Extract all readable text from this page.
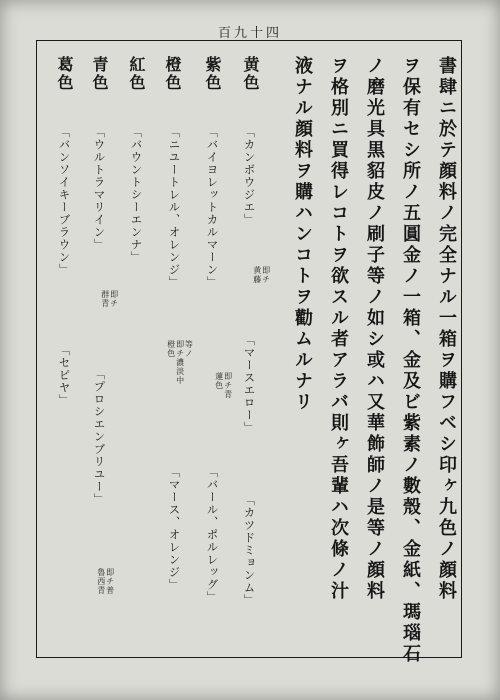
百九十四
書肆ニ於テ顔料ノ完全ナル一箱ヲ購フベシ印ヶ九色ノ顔料
ヲ保有セシ所ノ五圓金ノ一箱、金及ビ紫素ノ數殼、金紙、瑪瑙石
ノ磨光具黒貂皮ノ刷子等ノ如シ或ハ又華飾師ノ是等ノ顔料
ヲ格別ニ買得レコトヲ欲スル者アラバ則ヶ吾輩ハ次條ノ汁
液ナル顔料ヲ購ハンコトヲ勸ムルナリ
黄色
「カンボウジエ」
即チ
黄藤
「マースエロー」
「カツドミョンム」
紫色
「バイヨレットカルマーン」
即チ青
蓮色
「バール、ポルレッグ」
橙色
「ニユートレル、オレンジ」
等ノ
即チ濃淡中
橙色
「マース、オレンジ」
紅色
「バウントシーエンナ」
青色
「ウルトラマリイン」
即チ
群青
「プロシエンブリユー」
即チ普
魯西青
葛色
「バンソイキーブラウン」
「セピヤ」
